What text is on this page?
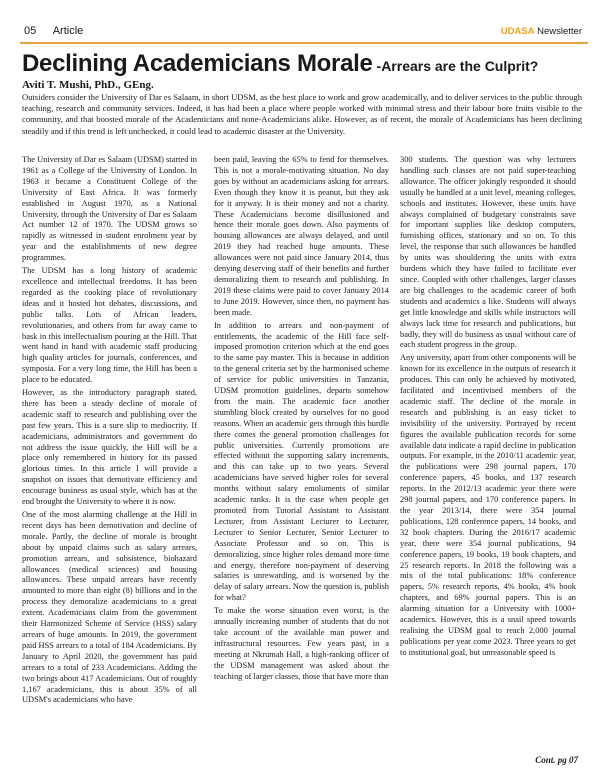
05 Article	UDASA Newsletter
Declining Academicians Morale -Arrears are the Culprit?
Aviti T. Mushi, PhD., GEng.
Outsiders consider the University of Dar es Salaam, in short UDSM, as the best place to work and grow academically, and to deliver services to the public through teaching, research and community services. Indeed, it has had been a place where people worked with minimal stress and their labour bore fruits visible to the community, and that boosted morale of the Academicians and none-Academicians alike. However, as of recent, the morale of Academicians has been declining steadily and if this trend is left unchecked, it could lead to academic disaster at the University.

The University of Dar es Salaam (UDSM) started in 1961 as a College of the University of London. In 1963 it became a Constituent College of the University of East Africa. It was formerly established in August 1970, as a National University, through the University of Dar es Salaam Act number 12 of 1970. The UDSM grows so rapidly as witnessed in student enrolment year by year and the establishments of new degree programmes.

The UDSM has a long history of academic excellence and intellectual freedoms. It has been regarded as the cooking place of revolutionary ideas and it hosted hot debates, discussions, and public talks. Lots of African leaders, revolutionaries, and others from far away came to bask in this intellectualism pouring at the Hill. That went hand in hand with academic staff producing high quality articles for journals, conferences, and symposia. For a very long time, the Hill has been a place to be educated.

However, as the introductory paragraph stated, there has been a steady decline of morale of academic staff to research and publishing over the past few years. This is a sure slip to mediocrity. If academicians, administrators and government do not address the issue quickly, the Hill will be a place only remembered in history for its passed glorious times. In this article I will provide a snapshot on issues that demotivate efficiency and encourage business as usual style, which has at the end brought the University to where it is now.

One of the most alarming challenge at the Hill in recent days has been demotivation and decline of morale. Partly, the decline of morale is brought about by unpaid claims such as salary arrears, promotion arrears, and subsistence, biohazard allowances (medical sciences) and housing allowances. These unpaid arrears have recently amounted to more than eight (8) billions and in the process they demoralize academicians to a great extent. Academicians claim from the government their Harmonized Scheme of Service (HSS) salary arrears of huge amounts. In 2019, the government paid HSS arrears to a total of 184 Academicians. By January to April 2020, the government has paid arrears to a total of 233 Academicians. Adding the two brings about 417 Academicians. Out of roughly 1,167 academicians, this is about 35% of all UDSM's academicians who have

been paid, leaving the 65% to fend for themselves. This is not a morale-motivating situation. No day goes by without an academicians asking for arrears. Even though they know it is peanut, but they ask for it anyway. It is their money and not a charity. These Academicians become disillusioned and hence their morale goes down. Also payments of housing allowances are always delayed, and until 2019 they had reached huge amounts. These allowances were not paid since January 2014, thus denying deserving staff of their benefits and further demoralizing them to research and publishing. In 2019 these claims were paid to cover January 2014 to June 2019. However, since then, no payment has been made.

In addition to arrears and non-payment of entitlements, the academic of the Hill face self-imposed promotion criterion which at the end goes to the same pay master. This is because in addition to the general criteria set by the harmonised scheme of service for public universities in Tanzania, UDSM promotion guidelines, departs somehow from the main. The academic face another stumbling block created by ourselves for no good reasons. When an academic gets through this hurdle there comes the general promotion challenges for public universities. Currently promotions are effected without the supporting salary increments, and this can take up to two years. Several academicians have served higher roles for several months without salary emoluments of similar academic ranks. It is the case when people get promoted from Tutorial Assistant to Assistant Lecturer, from Assistant Lecturer to Lecturer, Lecturer to Senior Lecturer, Senior Lecturer to Associate Professor and so on. This is demoralizing, since higher roles demand more time and energy, therefore non-payment of deserving salaries is unrewarding, and is worsened by the delay of salary arrears. Now the question is, publish for what?

To make the worse situation even worst, is the annually increasing number of students that do not take account of the available man power and infrastructural resources. Few years past, in a meeting at Nkrumah Hall, a high-ranking officer of the UDSM management was asked about the teaching of larger classes, those that have more than

300 students. The question was why lecturers handling such classes are not paid super-teaching allowance. The officer jokingly responded it should usually be handled at a unit level, meaning colleges, schools and institutes. However, these units have always complained of budgetary constraints save for important supplies like desktop computers, furnishing offices, stationary and so on. To this level, the response that such allowances be handled by units was shouldering the units with extra burdens which they have failed to facilitate ever since. Coupled with other challenges, larger classes are big challenges to the academic career of both students and academics a like. Students will always get little knowledge and skills while instructors will always lack time for research and publications, but badly, they will do business as usual without care of each student progress in the group.

Any university, apart from other components will be known for its excellence in the outputs of research it produces. This can only be achieved by motivated, facilitated and incentivised members of the academic staff. The decline of the morale in research and publishing is an easy ticket to invisibility of the university. Portrayed by recent figures the available publication records for some available data indicate a rapid decline in publication outputs. For example, in the 2010/11 academic year, the publications were 298 journal papers, 170 conference papers, 45 books, and 137 research reports. In the 2012/13 academic year there were 298 journal papers, and 170 conference papers. In the year 2013/14, there were 354 journal publications, 128 conference papers, 14 books, and 32 book chapters. During the 2016/17 academic year, there were 354 journal publications, 94 conference papers, 19 books, 19 book chapters, and 25 research reports. In 2018 the following was a mix of the total publications: 18% conference papers, 5% research reports, 4% books, 4% book chapters, and 69% journal papers. This is an alarming situation for a University with 1000+ academics. However, this is a snail speed towards realising the UDSM goal to reach 2,000 journal publications per year come 2023. Three years to get to institutional goal, but unreasonable speed is

Cont. pg 07
